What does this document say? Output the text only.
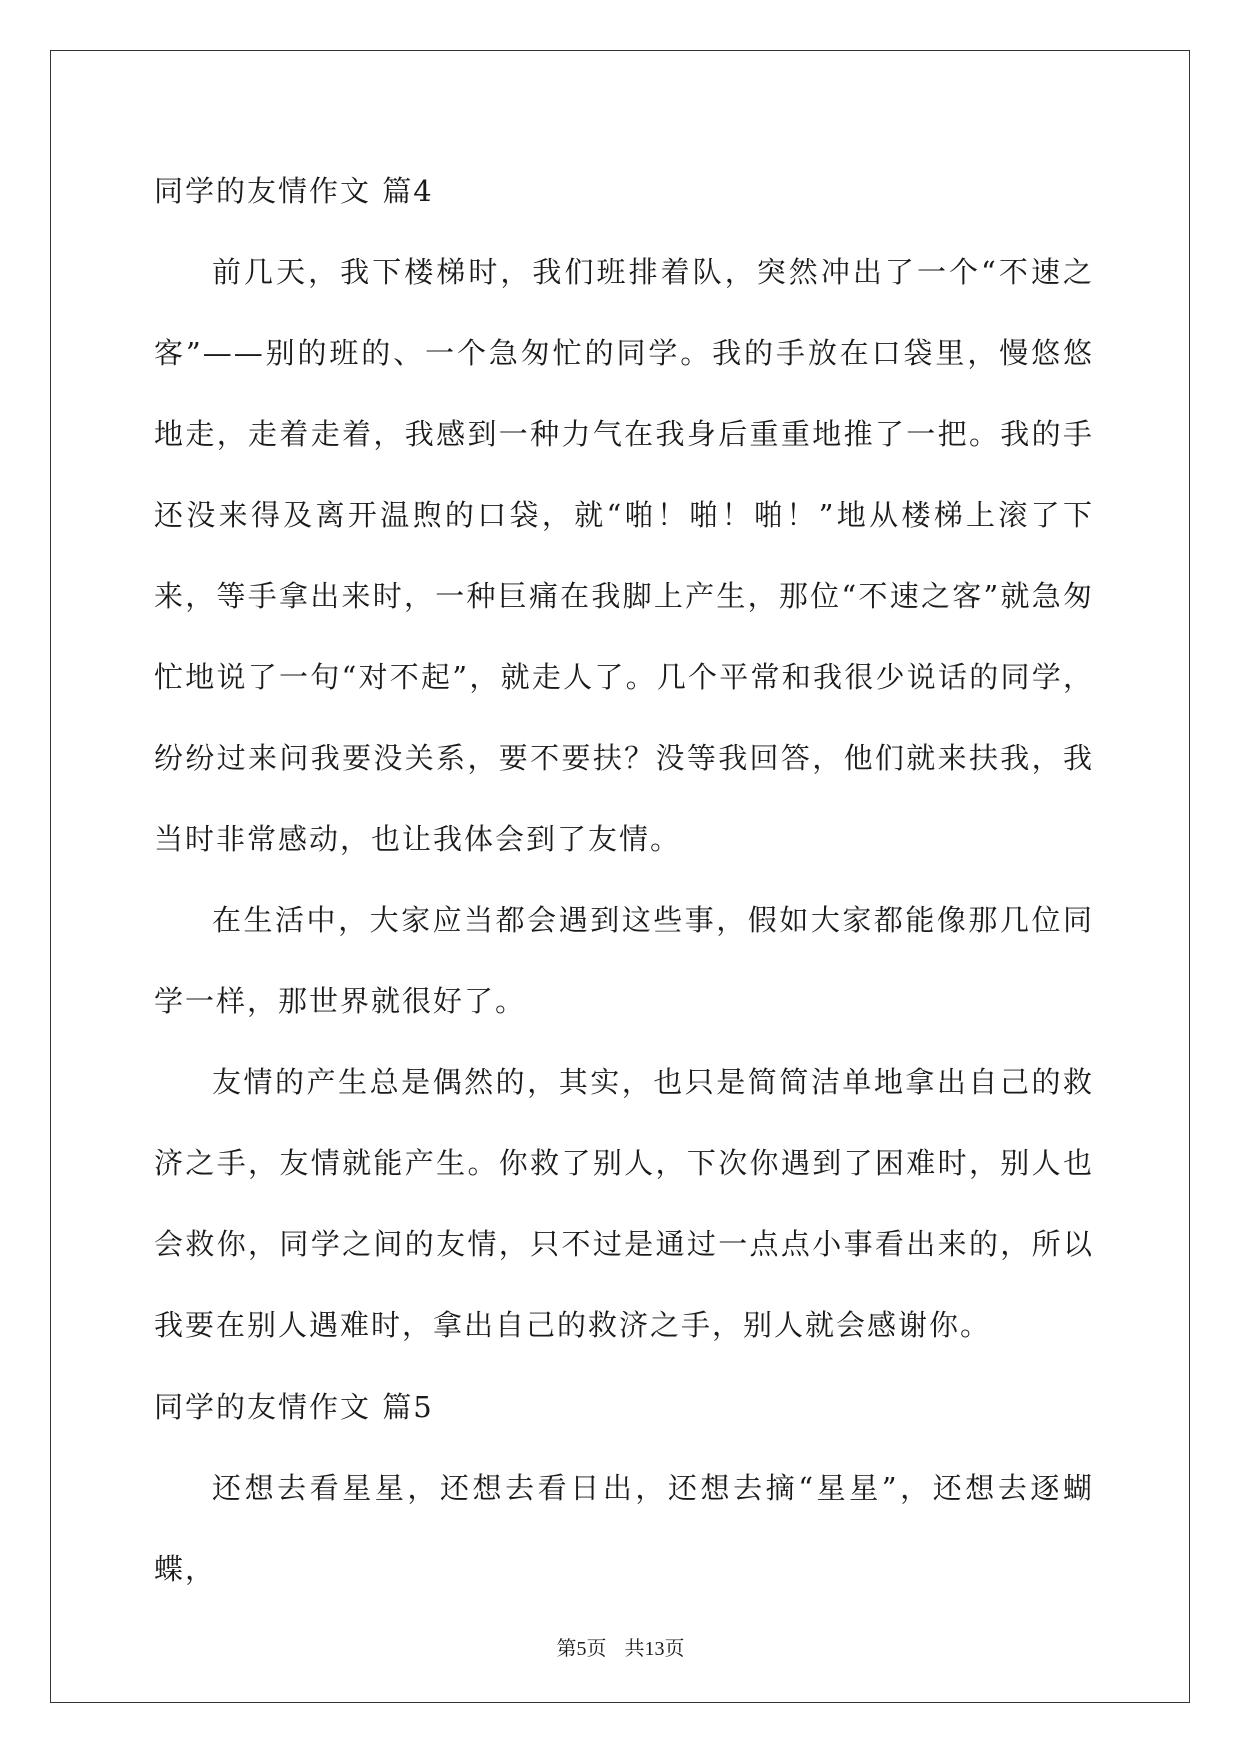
同学的友情作文 篇4

前几天，我下楼梯时，我们班排着队，突然冲出了一个“不速之客”——别的班的、一个急匆忙的同学。我的手放在口袋里，慢悠悠地走，走着走着，我感到一种力气在我身后重重地推了一把。我的手还没来得及离开温煦的口袋，就“啪！啪！啪！”地从楼梯上滚了下来，等手拿出来时，一种巨痛在我脚上产生，那位“不速之客”就急匆忙地说了一句“对不起”，就走人了。几个平常和我很少说话的同学，纷纷过来问我要没关系，要不要扶？没等我回答，他们就来扶我，我当时非常感动，也让我体会到了友情。

在生活中，大家应当都会遇到这些事，假如大家都能像那几位同学一样，那世界就很好了。

友情的产生总是偶然的，其实，也只是简简洁单地拿出自己的救济之手，友情就能产生。你救了别人，下次你遇到了困难时，别人也会救你，同学之间的友情，只不过是通过一点点小事看出来的，所以我要在别人遇难时，拿出自己的救济之手，别人就会感谢你。

同学的友情作文 篇5

还想去看星星，还想去看日出，还想去摘“星星”，还想去逐蝴蝶，

第5页 共13页
